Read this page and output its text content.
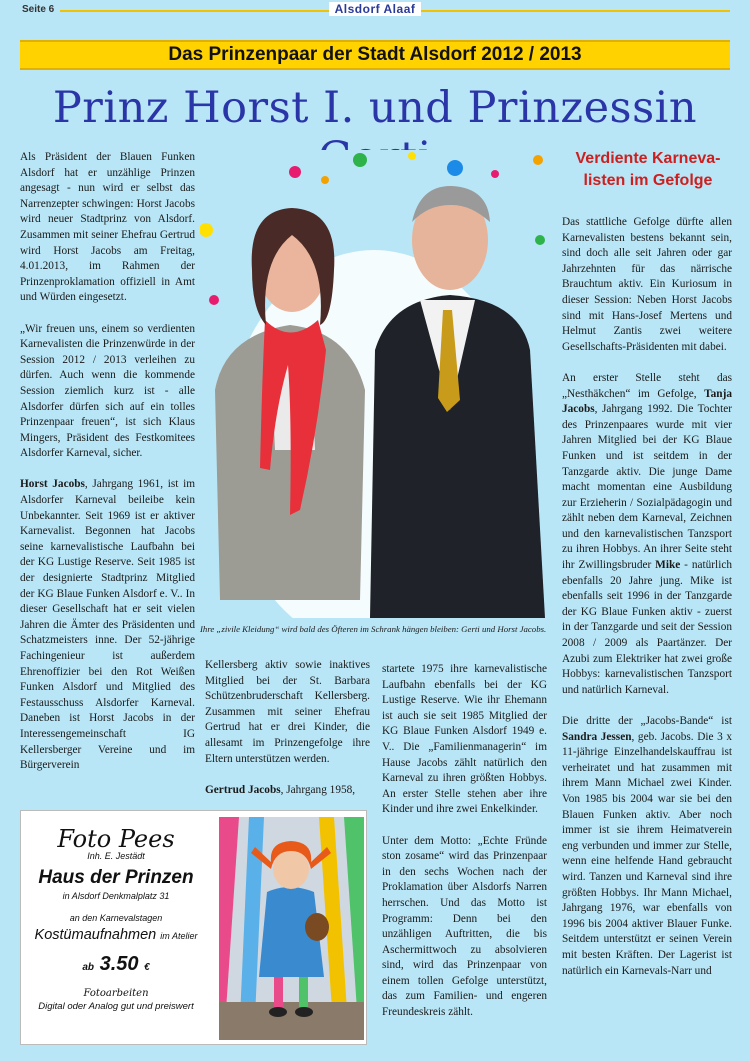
Seite 6	Alsdorf Alaaf
Das Prinzenpaar der Stadt Alsdorf 2012 / 2013
Prinz Horst I. und Prinzessin

Als Präsident der Blauen Funken Alsdorf hat er unzählige Prinzen angesagt - nun wird er selbst das Narrenzepter schwingen: Horst Jacobs wird neuer Stadtprinz von Alsdorf. Zusammen mit seiner Ehefrau Gertrud wird Horst Jacobs am Freitag, 4.01.2013, im Rahmen der Prinzenproklamation offiziell in Amt und Würden eingesetzt.

„Wir freuen uns, einem so verdienten Karnevalisten die Prinzenwürde in der Session 2012 / 2013 verleihen zu dürfen. Auch wenn die kommende Session ziemlich kurz ist - alle Alsdorfer dürfen sich auf ein tolles Prinzenpaar freuen“, ist sich Klaus Mingers, Präsident des Festkomitees Alsdorfer Karneval, sicher.

Horst Jacobs, Jahrgang 1961, ist im Alsdorfer Karneval beileibe kein Unbekannter. Seit 1969 ist er aktiver Karnevalist. Begonnen hat Jacobs seine karnevalistische Laufbahn bei der KG Lustige Reserve. Seit 1985 ist der designierte Stadtprinz Mitglied der KG Blaue Funken Alsdorf e. V.. In dieser Gesellschaft hat er seit vielen Jahren die Ämter des Präsidenten und Schatzmeisters inne. Der 52-jährige Fachingenieur ist außerdem Ehrenoffizier bei den Rot Weißen Funken Alsdorf und Mitglied des Festausschuss Alsdorfer Karneval. Daneben ist Horst Jacobs in der Interessengemeinschaft IG Kellersberger Vereine und im Bürgerverein

Ihre „zivile Kleidung“ wird bald des Öfteren im Schrank hängen bleiben: Gerti und Horst Jacobs.
Verdiente Karneva-listen im Gefolge

Das stattliche Gefolge dürfte allen Karnevalisten bestens bekannt sein, sind doch alle seit Jahren oder gar Jahrzehnten für das närrische Brauchtum aktiv. Ein Kuriosum in dieser Session: Neben Horst Jacobs sind mit Hans-Josef Mertens und Helmut Zantis zwei weitere Gesellschafts-Präsidenten mit dabei.

An erster Stelle steht das „Nesthäkchen“ im Gefolge, Tanja Jacobs, Jahrgang 1992. Die Tochter des Prinzenpaares wurde mit vier Jahren Mitglied bei der KG Blaue Funken und ist seitdem in der Tanzgarde aktiv. Die junge Dame macht momentan eine Ausbildung zur Erzieherin / Sozialpädagogin und zählt neben dem Karneval, Zeichnen und den karnevalistischen Tanzsport zu ihren Hobbys. An ihrer Seite steht ihr Zwillingsbruder Mike - natürlich ebenfalls 20 Jahre jung. Mike ist ebenfalls seit 1996 in der Tanzgarde der KG Blaue Funken aktiv - zuerst in der Tanzgarde und seit der Session 2008 / 2009 als Paartänzer. Der Azubi zum Elektriker hat zwei große Hobbys: karnevalistischen Tanzsport und natürlich Karneval.

Die dritte der „Jacobs-Bande“ ist Sandra Jessen, geb. Jacobs. Die 3 x 11-jährige Einzelhandelskauffrau ist verheiratet und hat zusammen mit ihrem Mann Michael zwei Kinder. Von 1985 bis 2004 war sie bei den Blauen Funken aktiv. Aber noch immer ist sie ihrem Heimatverein eng verbunden und immer zur Stelle, wenn eine helfende Hand gebraucht wird. Tanzen und Karneval sind ihre größten Hobbys. Ihr Mann Michael, Jahrgang 1976, war ebenfalls von 1996 bis 2004 aktiver Blauer Funke. Seitdem unterstützt er seinen Verein mit besten Kräften. Der Lagerist ist natürlich ein Karnevals-Narr und

Kellersberg aktiv sowie inaktives Mitglied bei der St. Barbara Schützenbruderschaft Kellersberg. Zusammen mit seiner Ehefrau Gertrud hat er drei Kinder, die allesamt im Prinzengefolge ihre Eltern unterstützen werden.

Gertrud Jacobs, Jahrgang 1958,

startete 1975 ihre karnevalistische Laufbahn ebenfalls bei der KG Lustige Reserve. Wie ihr Ehemann ist auch sie seit 1985 Mitglied der KG Blaue Funken Alsdorf 1949 e. V.. Die „Familienmanagerin“ im Hause Jacobs zählt natürlich den Karneval zu ihren größten Hobbys. An erster Stelle stehen aber ihre Kinder und ihre zwei Enkelkinder.

Unter dem Motto: „Echte Fründe ston zosame“ wird das Prinzenpaar in den sechs Wochen nach der Proklamation über Alsdorfs Narren herrschen. Und das Motto ist Programm: Denn bei den unzähligen Auftritten, die bis Aschermittwoch zu absolvieren sind, wird das Prinzenpaar von einem tollen Gefolge unterstützt, das zum Familien- und engeren Freundeskreis zählt.

Foto Pees
Inh. E. Jestädt
Haus der Prinzen
in Alsdorf Denkmalplatz 31
an den Karnevalstagen
Kostümaufnahmen im Atelier
ab 3.50 €
Fotoarbeiten
Digital oder Analog gut und preiswert
